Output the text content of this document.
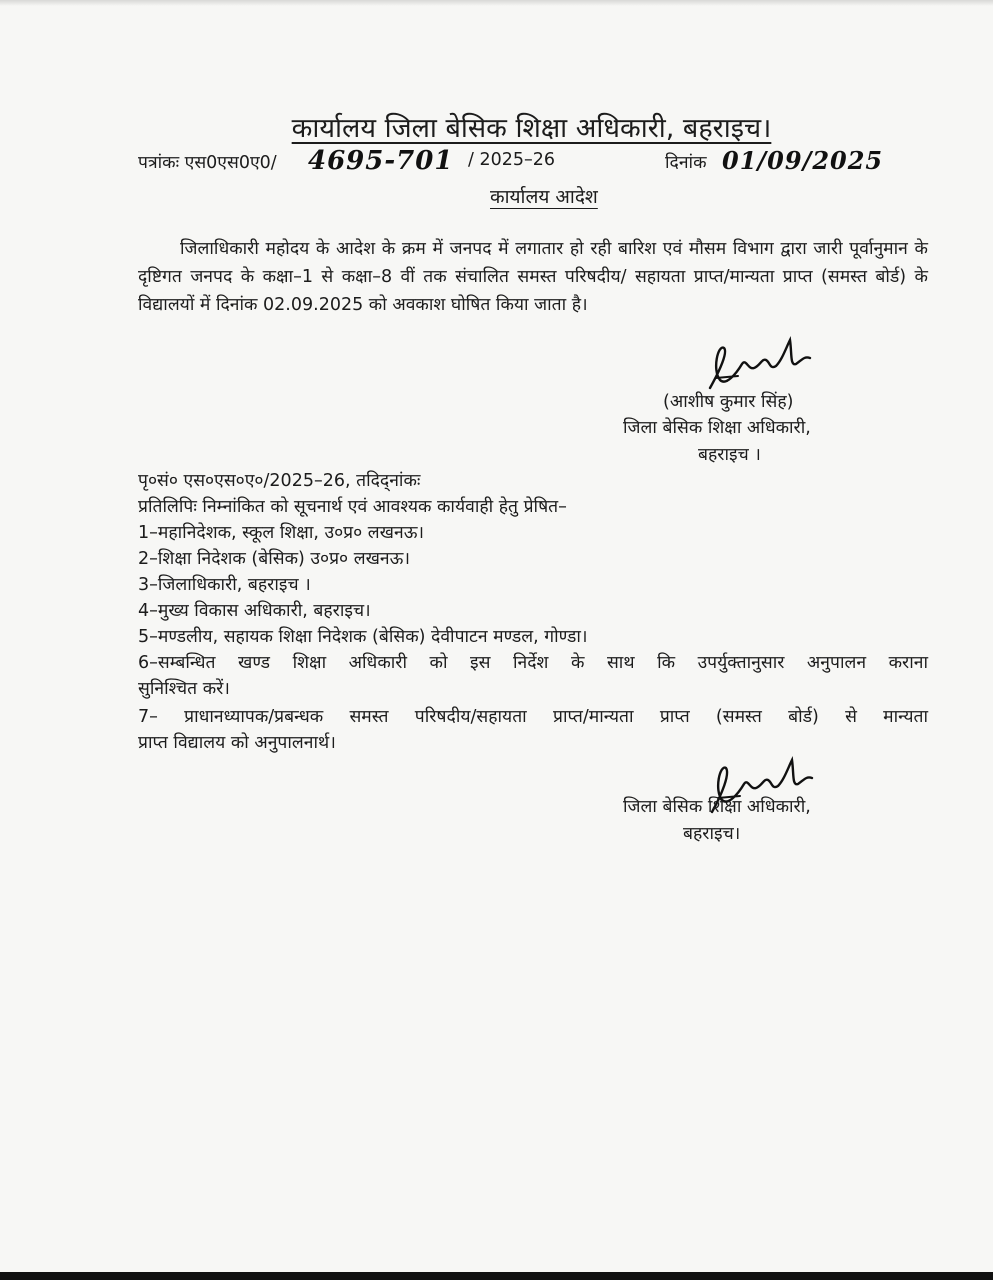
कार्यालय जिला बेसिक शिक्षा अधिकारी, बहराइच।
पत्रांकः एस0एस0ए0/ 4695-701 / 2025–26	दिनांक 01/09/2025
कार्यालय आदेश

जिलाधिकारी महोदय के आदेश के क्रम में जनपद में लगातार हो रही बारिश एवं मौसम विभाग द्वारा जारी पूर्वानुमान के दृष्टिगत जनपद के कक्षा–1 से कक्षा–8 वीं तक संचालित समस्त परिषदीय/ सहायता प्राप्त/मान्यता प्राप्त (समस्त बोर्ड) के विद्यालयों में दिनांक 02.09.2025 को अवकाश घोषित किया जाता है।

(आशीष कुमार सिंह)
जिला बेसिक शिक्षा अधिकारी,
बहराइच ।
पृ०सं० एस०एस०ए०/2025–26, तदिद्नांकः
प्रतिलिपिः निम्नांकित को सूचनार्थ एवं आवश्यक कार्यवाही हेतु प्रेषित–
1–महानिदेशक, स्कूल शिक्षा, उ०प्र० लखनऊ।
2–शिक्षा निदेशक (बेसिक) उ०प्र० लखनऊ।
3–जिलाधिकारी, बहराइच ।
4–मुख्य विकास अधिकारी, बहराइच।
5–मण्डलीय, सहायक शिक्षा निदेशक (बेसिक) देवीपाटन मण्डल, गोण्डा।
6–सम्बन्धित खण्ड शिक्षा अधिकारी को इस निर्देश के साथ कि उपर्युक्तानुसार अनुपालन कराना
सुनिश्चित करें।
7– प्राधानध्यापक/प्रबन्धक समस्त परिषदीय/सहायता प्राप्त/मान्यता प्राप्त (समस्त बोर्ड) से मान्यता
प्राप्त विद्यालय को अनुपालनार्थ।
जिला बेसिक शिक्षा अधिकारी,
बहराइच।
